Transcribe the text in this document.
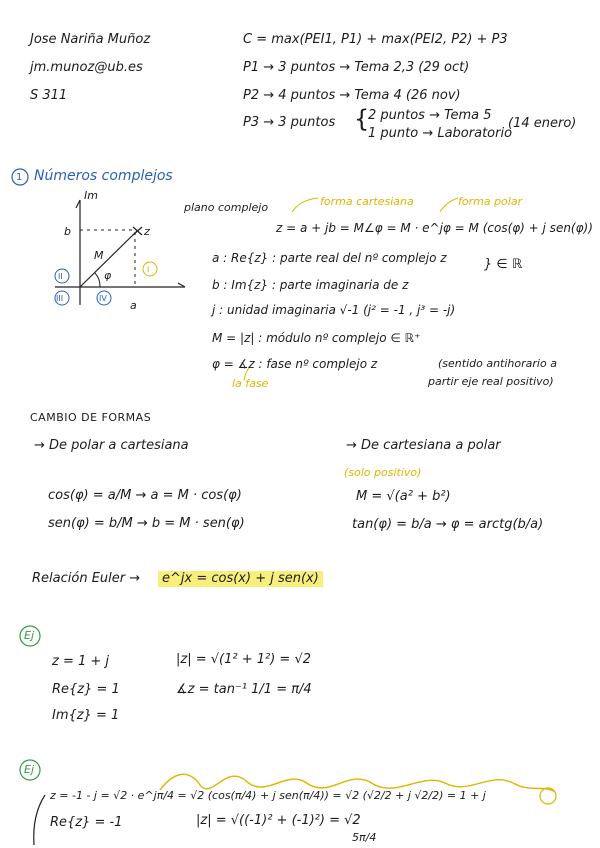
Jose Nariña Muñoz
jm.munoz@ub.es
S 311
C = max(PEI1, P1) + max(PEI2, P2) + P3
P1 → 3 puntos → Tema 2,3 (29 oct)
P2 → 4 puntos → Tema 4 (26 nov)
P3 → 3 puntos {
2 puntos → Tema 5
1 punto → Laboratorio
(14 enero)
1 Números complejos
Im
b	z
M
φ
a
II
I
III	IV
plano complejo	forma cartesiana	forma polar
z = a + jb = M∠φ = M · e^jφ = M (cos(φ) + j sen(φ))
a : Re{z} : parte real del nº complejo z
b : Im{z} : parte imaginaria de z
} ∈ ℝ
j : unidad imaginaria √-1 (j² = -1 , j³ = -j)
M = |z| : módulo nº complejo ∈ ℝ⁺
φ = ∡z : fase nº complejo z	(sentido antihorario a
partir eje real positivo)
la fase
CAMBIO DE FORMAS
→ De polar a cartesiana	→ De cartesiana a polar
cos(φ) = a/M → a = M · cos(φ)
sen(φ) = b/M → b = M · sen(φ)
(solo positivo)
M = √(a² + b²)
tan(φ) = b/a → φ = arctg(b/a)
Relación Euler →	e^jx = cos(x) + j sen(x)
Ej
z = 1 + j
Re{z} = 1
Im{z} = 1
|z| = √(1² + 1²) = √2
∡z = tan⁻¹ 1/1 = π/4
Ej
z = -1 - j = √2 · e^jπ/4 = √2 (cos(π/4) + j sen(π/4)) = √2 (√2/2 + j √2/2) = 1 + j
Re{z} = -1	|z| = √((-1)² + (-1)²) = √2
5π/4
